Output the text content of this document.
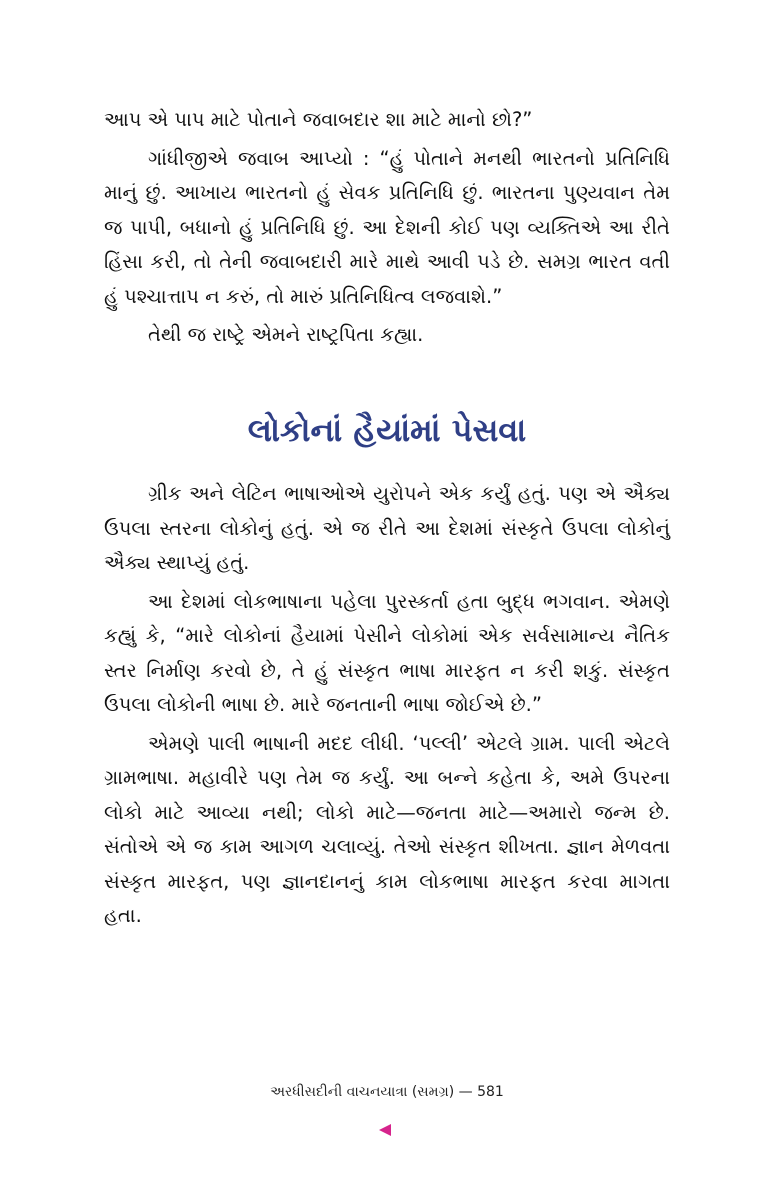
આપ એ પાપ માટે પોતાને જવાબદાર શા માટે માનો છો?”

ગાંધીજીએ જવાબ આપ્યો : “હું પોતાને મનથી ભારતનો પ્રતિનિધિ માનું છું. આખાય ભારતનો હું સેવક પ્રતિનિધિ છું. ભારતના પુણ્યવાન તેમ જ પાપી, બધાનો હું પ્રતિનિધિ છું. આ દેશની કોઈ પણ વ્યક્તિએ આ રીતે હિંસા કરી, તો તેની જવાબદારી મારે માથે આવી પડે છે. સમગ્ર ભારત વતી હું પશ્ચાત્તાપ ન કરું, તો મારું પ્રતિનિધિત્વ લજવાશે.”

તેથી જ રાષ્ટ્રે એમને રાષ્ટ્રપિતા કહ્યા.

લોકોનાં હૈયાંમાં પેસવા

ગ્રીક અને લેટિન ભાષાઓએ યુરોપને એક કર્યું હતું. પણ એ ઐક્ય ઉપલા સ્તરના લોકોનું હતું. એ જ રીતે આ દેશમાં સંસ્કૃતે ઉપલા લોકોનું ઐક્ય સ્થાપ્યું હતું.

આ દેશમાં લોકભાષાના પહેલા પુરસ્કર્તા હતા બુદ્ધ ભગવાન. એમણે કહ્યું કે, “મારે લોકોનાં હૈયામાં પેસીને લોકોમાં એક સર્વસામાન્ય નૈતિક સ્તર નિર્માણ કરવો છે, તે હું સંસ્કૃત ભાષા મારફત ન કરી શકું. સંસ્કૃત ઉપલા લોકોની ભાષા છે. મારે જનતાની ભાષા જોઈએ છે.”

એમણે પાલી ભાષાની મદદ લીધી. ‘પલ્લી’ એટલે ગ્રામ. પાલી એટલે ગ્રામભાષા. મહાવીરે પણ તેમ જ કર્યું. આ બન્ને કહેતા કે, અમે ઉપરના લોકો માટે આવ્યા નથી; લોકો માટે—જનતા માટે—અમારો જન્મ છે. સંતોએ એ જ કામ આગળ ચલાવ્યું. તેઓ સંસ્કૃત શીખતા. જ્ઞાન મેળવતા સંસ્કૃત મારફત, પણ જ્ઞાનદાનનું કામ લોકભાષા મારફત કરવા માગતા હતા.

અરધીસદીની વાચનયાત્રા (સમગ્ર) — 581
